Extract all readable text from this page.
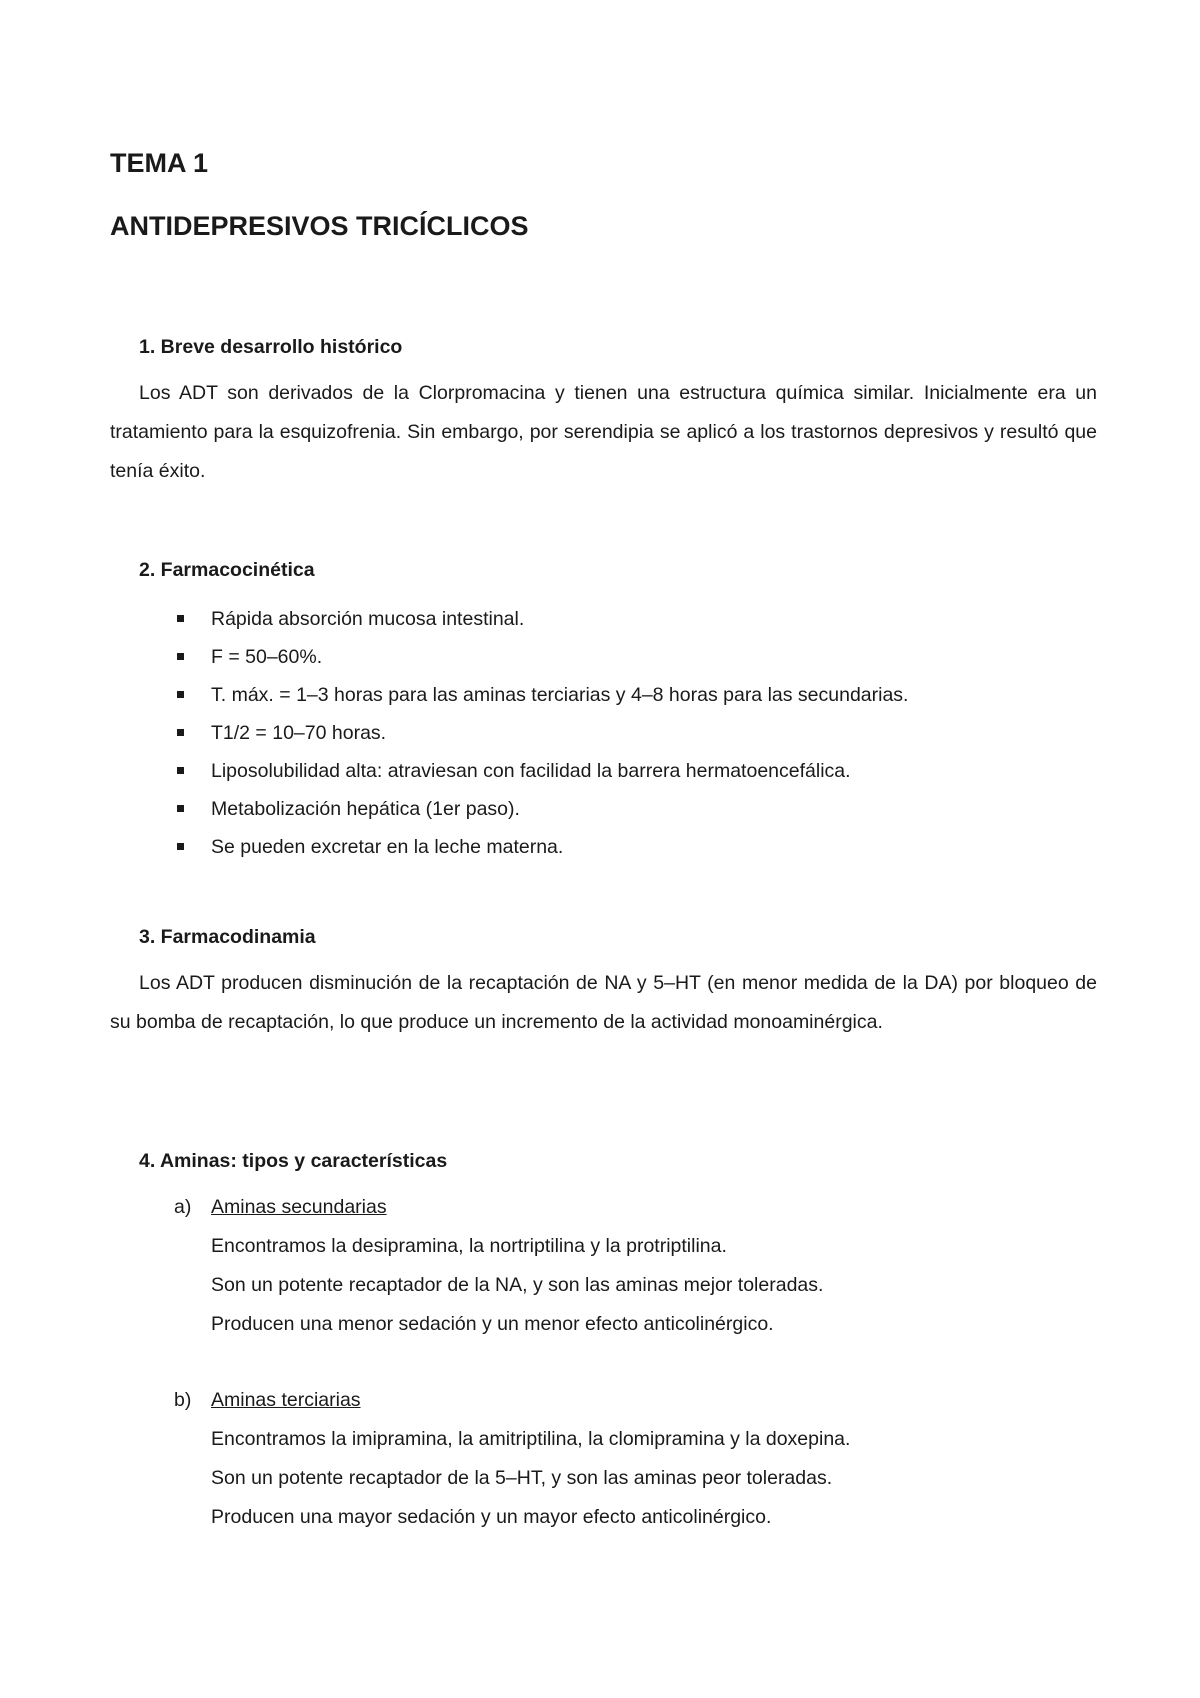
TEMA 1
ANTIDEPRESIVOS TRICÍCLICOS
1. Breve desarrollo histórico

Los ADT son derivados de la Clorpromacina y tienen una estructura química similar. Inicialmente era un tratamiento para la esquizofrenia. Sin embargo, por serendipia se aplicó a los trastornos depresivos y resultó que tenía éxito.

2. Farmacocinética
Rápida absorción mucosa intestinal.
F = 50–60%.
T. máx. = 1–3 horas para las aminas terciarias y 4–8 horas para las secundarias.
T1/2 = 10–70 horas.
Liposolubilidad alta: atraviesan con facilidad la barrera hermatoencefálica.
Metabolización hepática (1er paso).
Se pueden excretar en la leche materna.
3. Farmacodinamia

Los ADT producen disminución de la recaptación de NA y 5–HT (en menor medida de la DA) por bloqueo de su bomba de recaptación, lo que produce un incremento de la actividad monoaminérgica.

4. Aminas: tipos y características
a) Aminas secundarias
Encontramos la desipramina, la nortriptilina y la protriptilina.
Son un potente recaptador de la NA, y son las aminas mejor toleradas.
Producen una menor sedación y un menor efecto anticolinérgico.
b) Aminas terciarias
Encontramos la imipramina, la amitriptilina, la clomipramina y la doxepina.
Son un potente recaptador de la 5–HT, y son las aminas peor toleradas.
Producen una mayor sedación y un mayor efecto anticolinérgico.
